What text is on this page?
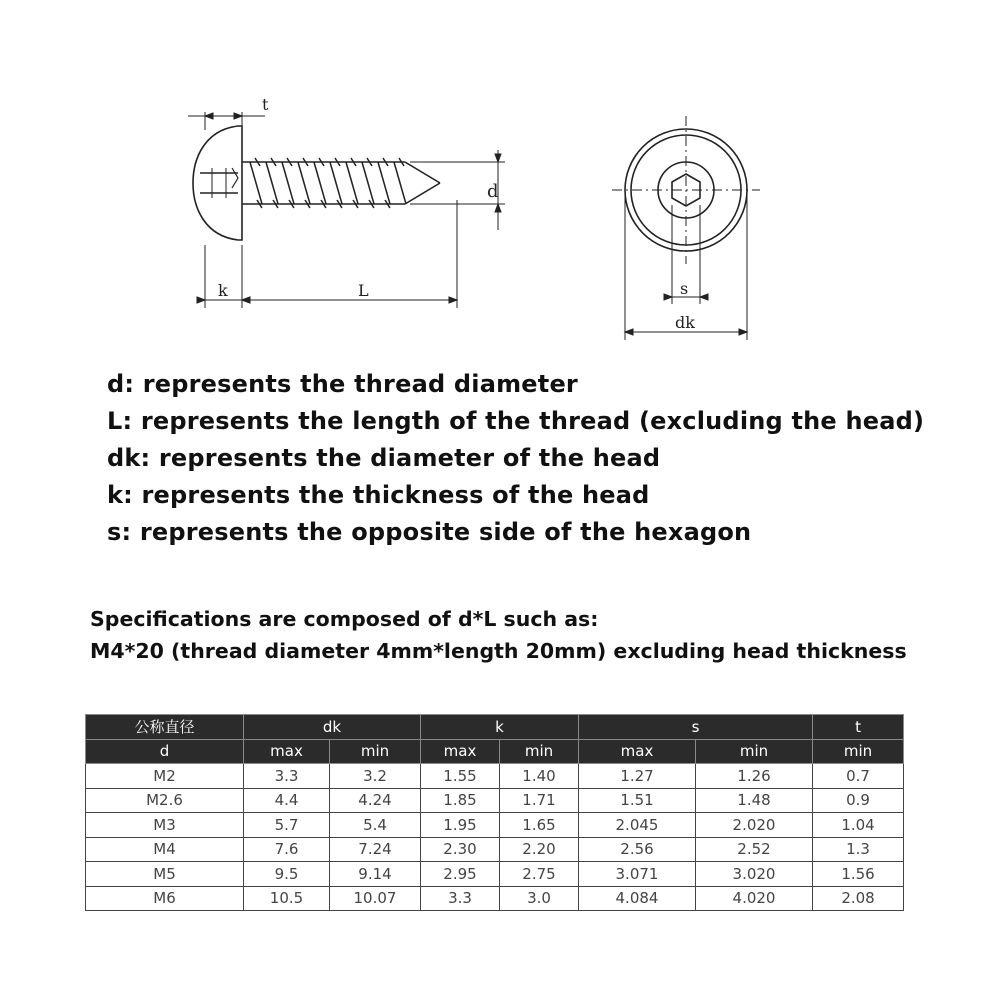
t
d
k	L	s
dk
d: represents the thread diameter
L: represents the length of the thread (excluding the head)
dk: represents the diameter of the head
k: represents the thickness of the head
s: represents the opposite side of the hexagon
Specifications are composed of d*L such as:
M4*20 (thread diameter 4mm*length 20mm) excluding head thickness
公称直径	dk		k		s		t
d	max	min	max	min	max	min	min
M2	3.3	3.2	1.55	1.40	1.27	1.26	0.7
M2.6	4.4	4.24	1.85	1.71	1.51	1.48	0.9
M3	5.7	5.4	1.95	1.65	2.045	2.020	1.04
M4	7.6	7.24	2.30	2.20	2.56	2.52	1.3
M5	9.5	9.14	2.95	2.75	3.071	3.020	1.56
M6	10.5	10.07	3.3	3.0	4.084	4.020	2.08
